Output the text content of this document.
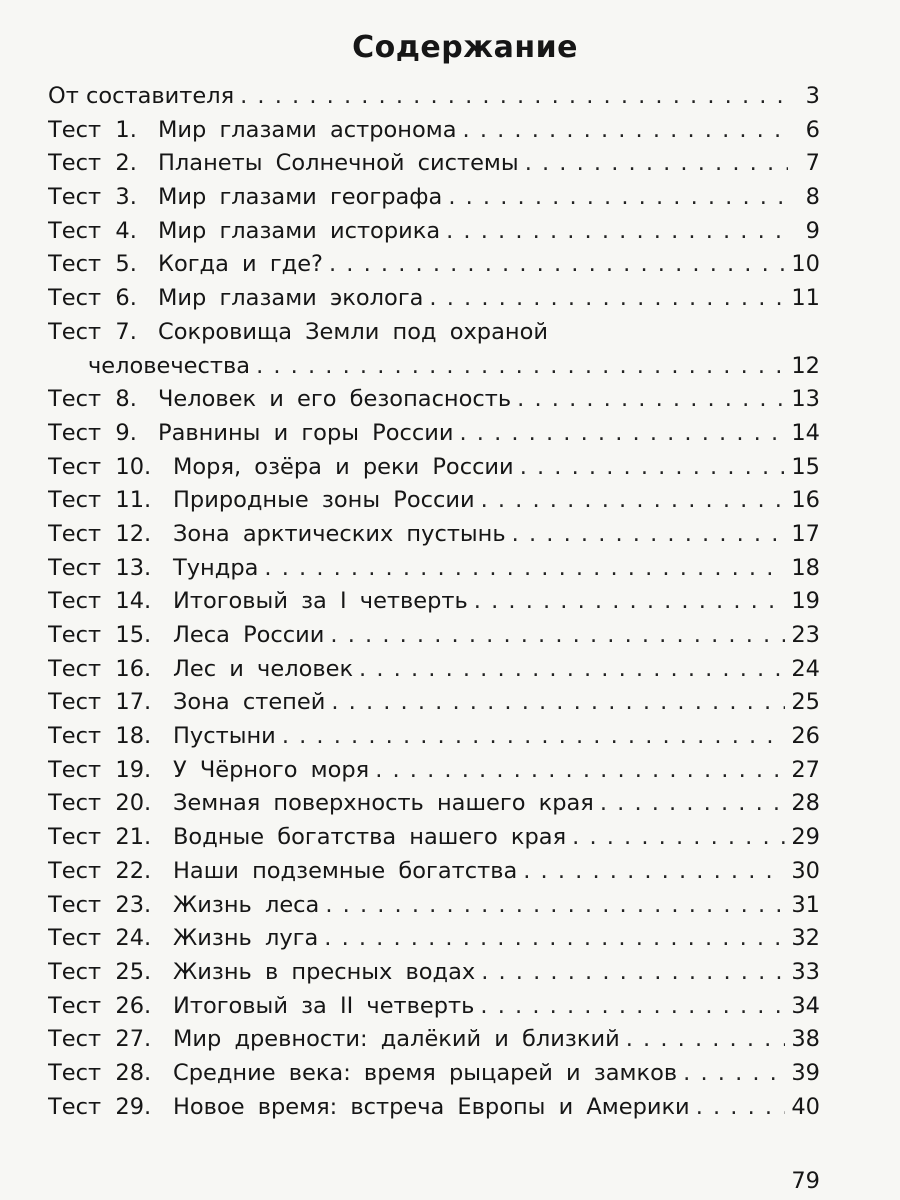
Содержание
От составителя . . .	3
Тест 1. Мир глазами астронома . . .	6
Тест 2. Планеты Солнечной системы . . .	7
Тест 3. Мир глазами географа . . .	8
Тест 4. Мир глазами историка . . .	9
Тест 5. Когда и где? . . .	10
Тест 6. Мир глазами эколога . . .	11
Тест 7. Сокровища Земли под охраной
человечества . . .	12
Тест 8. Человек и его безопасность . . .	13
Тест 9. Равнины и горы России . . .	14
Тест 10. Моря, озёра и реки России . . .	15
Тест 11. Природные зоны России . . .	16
Тест 12. Зона арктических пустынь . . .	17
Тест 13. Тундра . . .	18
Тест 14. Итоговый за I четверть . . .	19
Тест 15. Леса России . . .	23
Тест 16. Лес и человек . . .	24
Тест 17. Зона степей . . .	25
Тест 18. Пустыни . . .	26
Тест 19. У Чёрного моря . . .	27
Тест 20. Земная поверхность нашего края . . .	28
Тест 21. Водные богатства нашего края . . .	29
Тест 22. Наши подземные богатства . . .	30
Тест 23. Жизнь леса . . .	31
Тест 24. Жизнь луга . . .	32
Тест 25. Жизнь в пресных водах . . .	33
Тест 26. Итоговый за II четверть . . .	34
Тест 27. Мир древности: далёкий и близкий . . .	38
Тест 28. Средние века: время рыцарей и замков . . .	39
Тест 29. Новое время: встреча Европы и Америки . . .	40
79
